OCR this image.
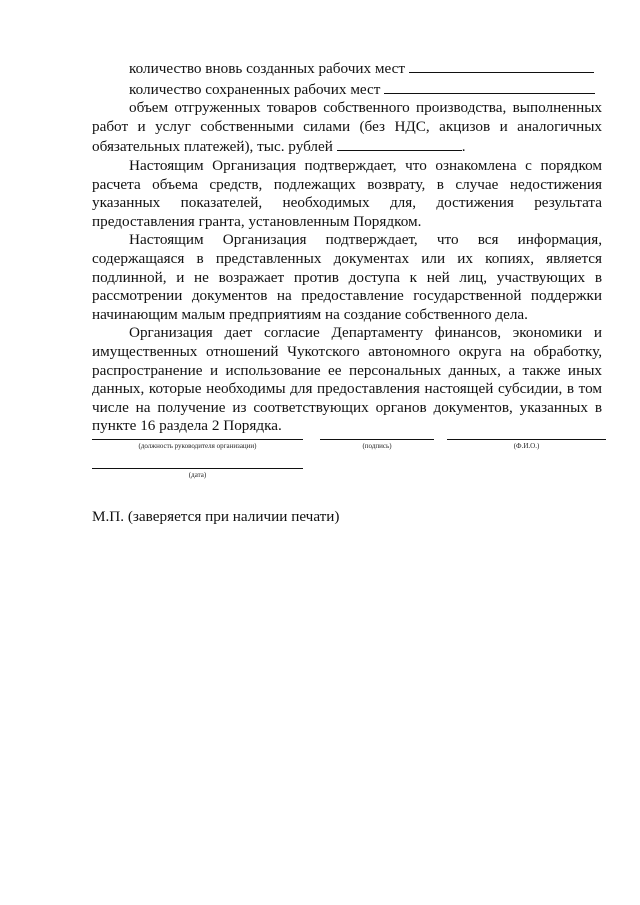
количество вновь созданных рабочих мест

количество сохраненных рабочих мест

объем отгруженных товаров собственного производства, выполненных работ и услуг собственными силами (без НДС, акцизов и аналогичных обязательных платежей), тыс. рублей	.

Настоящим Организация подтверждает, что ознакомлена с порядком расчета объема средств, подлежащих возврату, в случае недостижения указанных показателей, необходимых для, достижения результата предоставления гранта, установленным Порядком.

Настоящим Организация подтверждает, что вся информация, содержащаяся в представленных документах или их копиях, является подлинной, и не возражает против доступа к ней лиц, участвующих в рассмотрении документов на предоставление государственной поддержки начинающим малым предприятиям на создание собственного дела.

Организация дает согласие Департаменту финансов, экономики и имущественных отношений Чукотского автономного округа на обработку, распространение и использование ее персональных данных, а также иных данных, которые необходимы для предоставления настоящей субсидии, в том числе на получение из соответствующих органов документов, указанных в пункте 16 раздела 2 Порядка.

(должность руководителя организации)	(подпись)	(Ф.И.О.)
(дата)
М.П. (заверяется при наличии печати)
